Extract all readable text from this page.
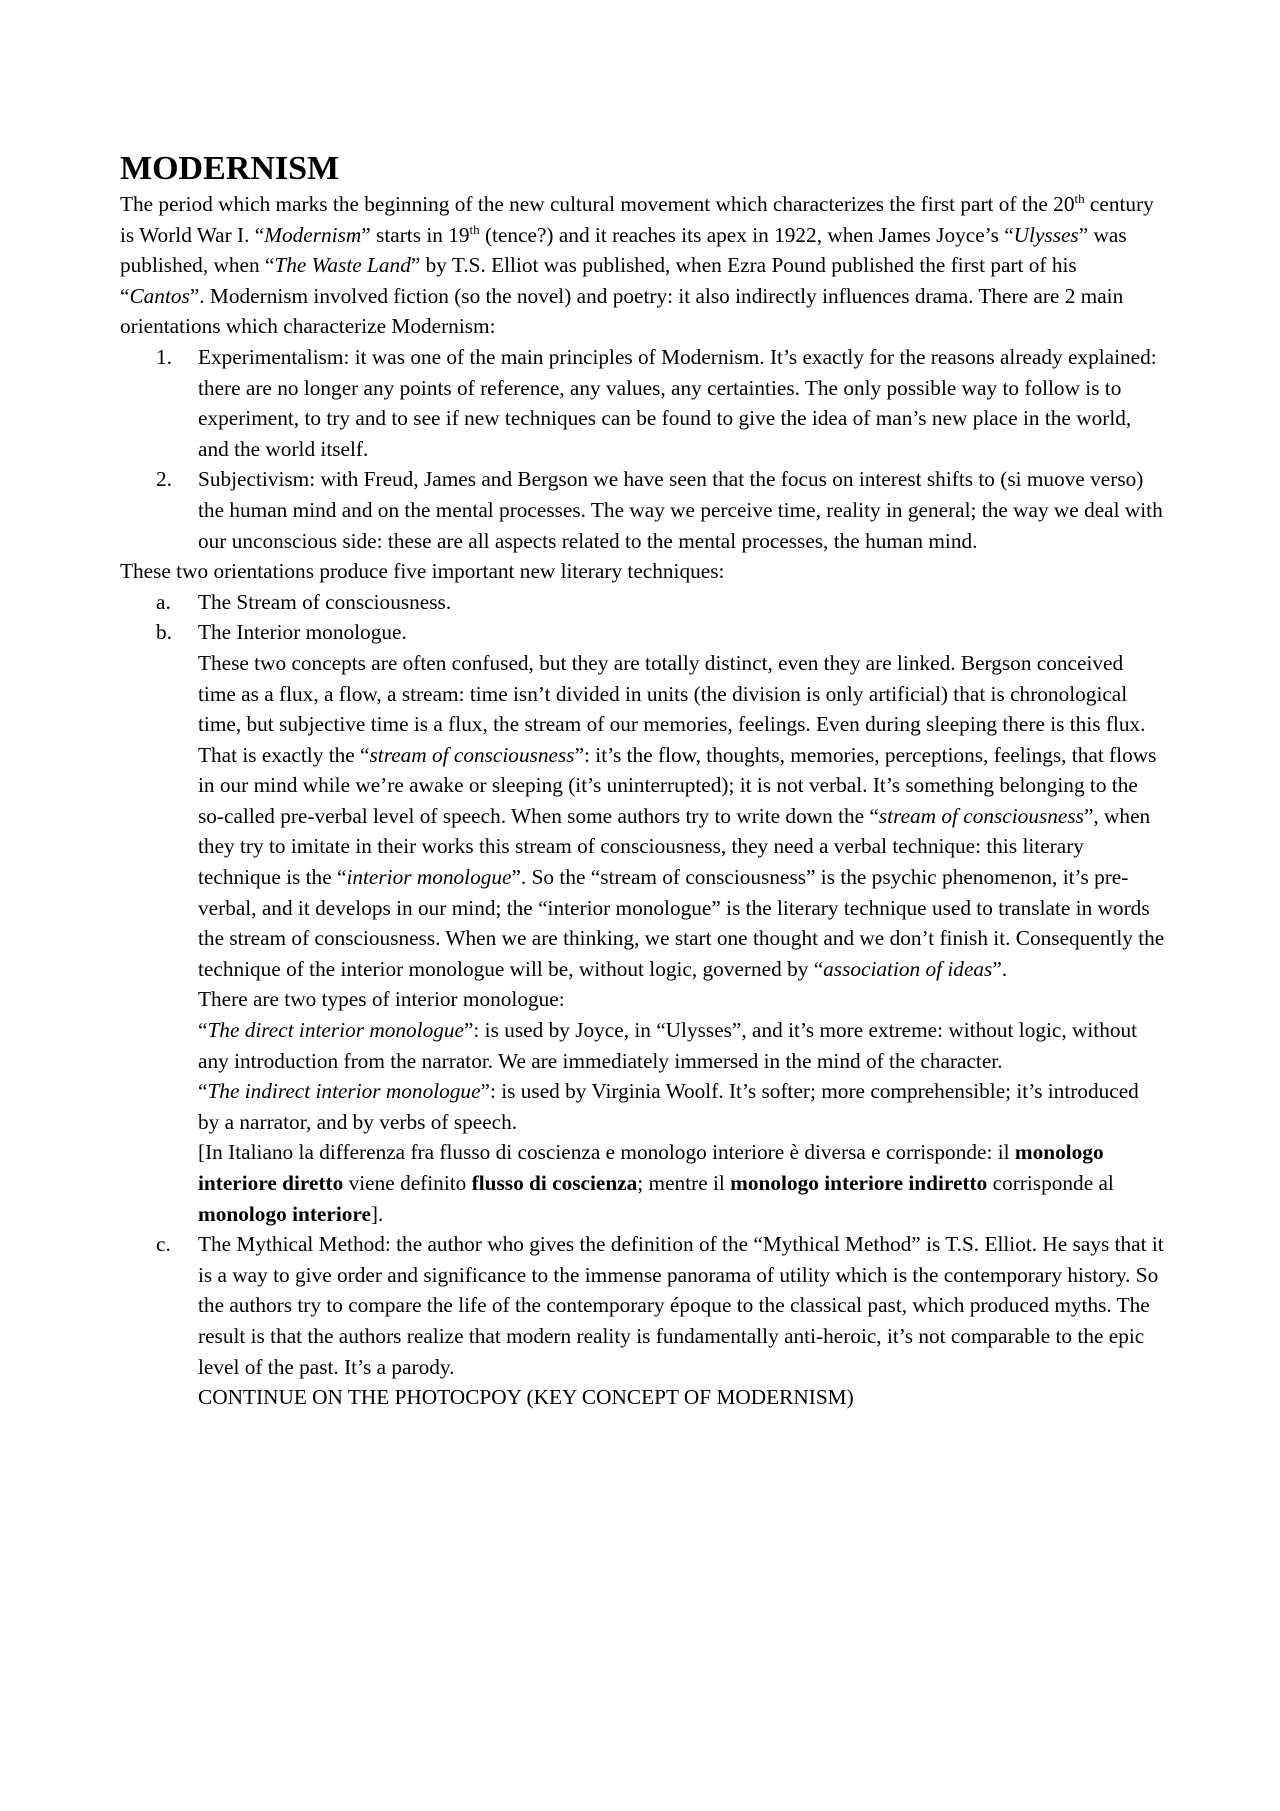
MODERNISM

The period which marks the beginning of the new cultural movement which characterizes the first part of the 20th century is World War I. “Modernism” starts in 19th (tence?) and it reaches its apex in 1922, when James Joyce’s “Ulysses” was published, when “The Waste Land” by T.S. Elliot was published, when Ezra Pound published the first part of his “Cantos”. Modernism involved fiction (so the novel) and poetry: it also indirectly influences drama. There are 2 main orientations which characterize Modernism:

1.	Experimentalism: it was one of the main principles of Modernism. It’s exactly for the reasons already explained: there are no longer any points of reference, any values, any certainties. The only possible way to follow is to experiment, to try and to see if new techniques can be found to give the idea of man’s new place in the world, and the world itself.
2.	Subjectivism: with Freud, James and Bergson we have seen that the focus on interest shifts to (si muove verso) the human mind and on the mental processes. The way we perceive time, reality in general; the way we deal with our unconscious side: these are all aspects related to the mental processes, the human mind.

These two orientations produce five important new literary techniques:

a.	The Stream of consciousness.
b.	The Interior monologue.

These two concepts are often confused, but they are totally distinct, even they are linked. Bergson conceived time as a flux, a flow, a stream: time isn’t divided in units (the division is only artificial) that is chronological time, but subjective time is a flux, the stream of our memories, feelings. Even during sleeping there is this flux. That is exactly the “stream of consciousness”: it’s the flow, thoughts, memories, perceptions, feelings, that flows in our mind while we’re awake or sleeping (it’s uninterrupted); it is not verbal. It’s something belonging to the so-called pre-verbal level of speech. When some authors try to write down the “stream of consciousness”, when they try to imitate in their works this stream of consciousness, they need a verbal technique: this literary technique is the “interior monologue”. So the “stream of consciousness” is the psychic phenomenon, it’s pre-verbal, and it develops in our mind; the “interior monologue” is the literary technique used to translate in words the stream of consciousness. When we are thinking, we start one thought and we don’t finish it. Consequently the technique of the interior monologue will be, without logic, governed by “association of ideas”.

There are two types of interior monologue:

“The direct interior monologue”: is used by Joyce, in “Ulysses”, and it’s more extreme: without logic, without any introduction from the narrator. We are immediately immersed in the mind of the character.

“The indirect interior monologue”: is used by Virginia Woolf. It’s softer; more comprehensible; it’s introduced by a narrator, and by verbs of speech.

[In Italiano la differenza fra flusso di coscienza e monologo interiore è diversa e corrisponde: il monologo interiore diretto viene definito flusso di coscienza; mentre il monologo interiore indiretto corrisponde al monologo interiore].

c.	The Mythical Method: the author who gives the definition of the “Mythical Method” is T.S. Elliot. He says that it is a way to give order and significance to the immense panorama of utility which is the contemporary history. So the authors try to compare the life of the contemporary époque to the classical past, which produced myths. The result is that the authors realize that modern reality is fundamentally anti-heroic, it’s not comparable to the epic level of the past. It’s a parody.

CONTINUE ON THE PHOTOCPOY (KEY CONCEPT OF MODERNISM)
